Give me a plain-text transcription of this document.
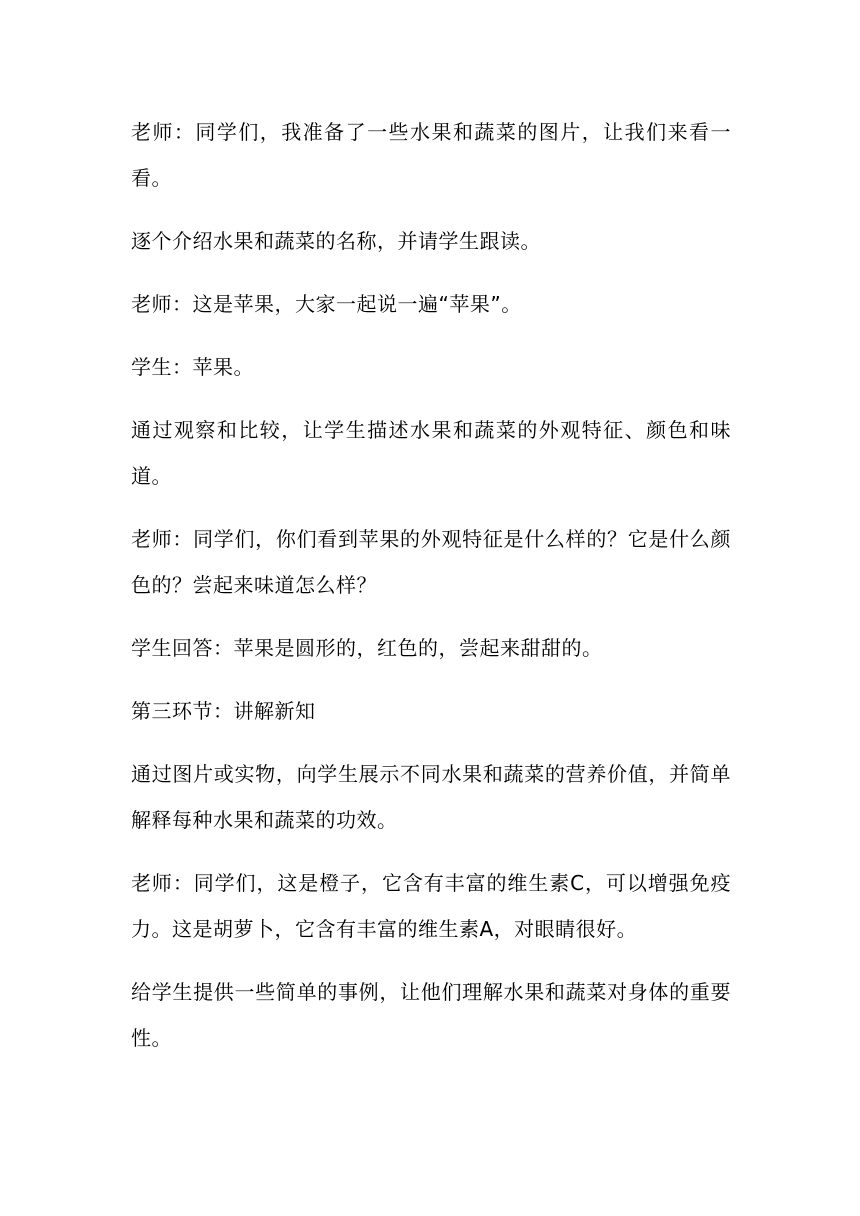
老师：同学们，我准备了一些水果和蔬菜的图片，让我们来看一看。

逐个介绍水果和蔬菜的名称，并请学生跟读。

老师：这是苹果，大家一起说一遍“苹果”。

学生：苹果。

通过观察和比较，让学生描述水果和蔬菜的外观特征、颜色和味道。

老师：同学们，你们看到苹果的外观特征是什么样的？它是什么颜色的？尝起来味道怎么样？

学生回答：苹果是圆形的，红色的，尝起来甜甜的。

第三环节：讲解新知

通过图片或实物，向学生展示不同水果和蔬菜的营养价值，并简单解释每种水果和蔬菜的功效。

老师：同学们，这是橙子，它含有丰富的维生素C，可以增强免疫力。这是胡萝卜，它含有丰富的维生素A，对眼睛很好。

给学生提供一些简单的事例，让他们理解水果和蔬菜对身体的重要性。
